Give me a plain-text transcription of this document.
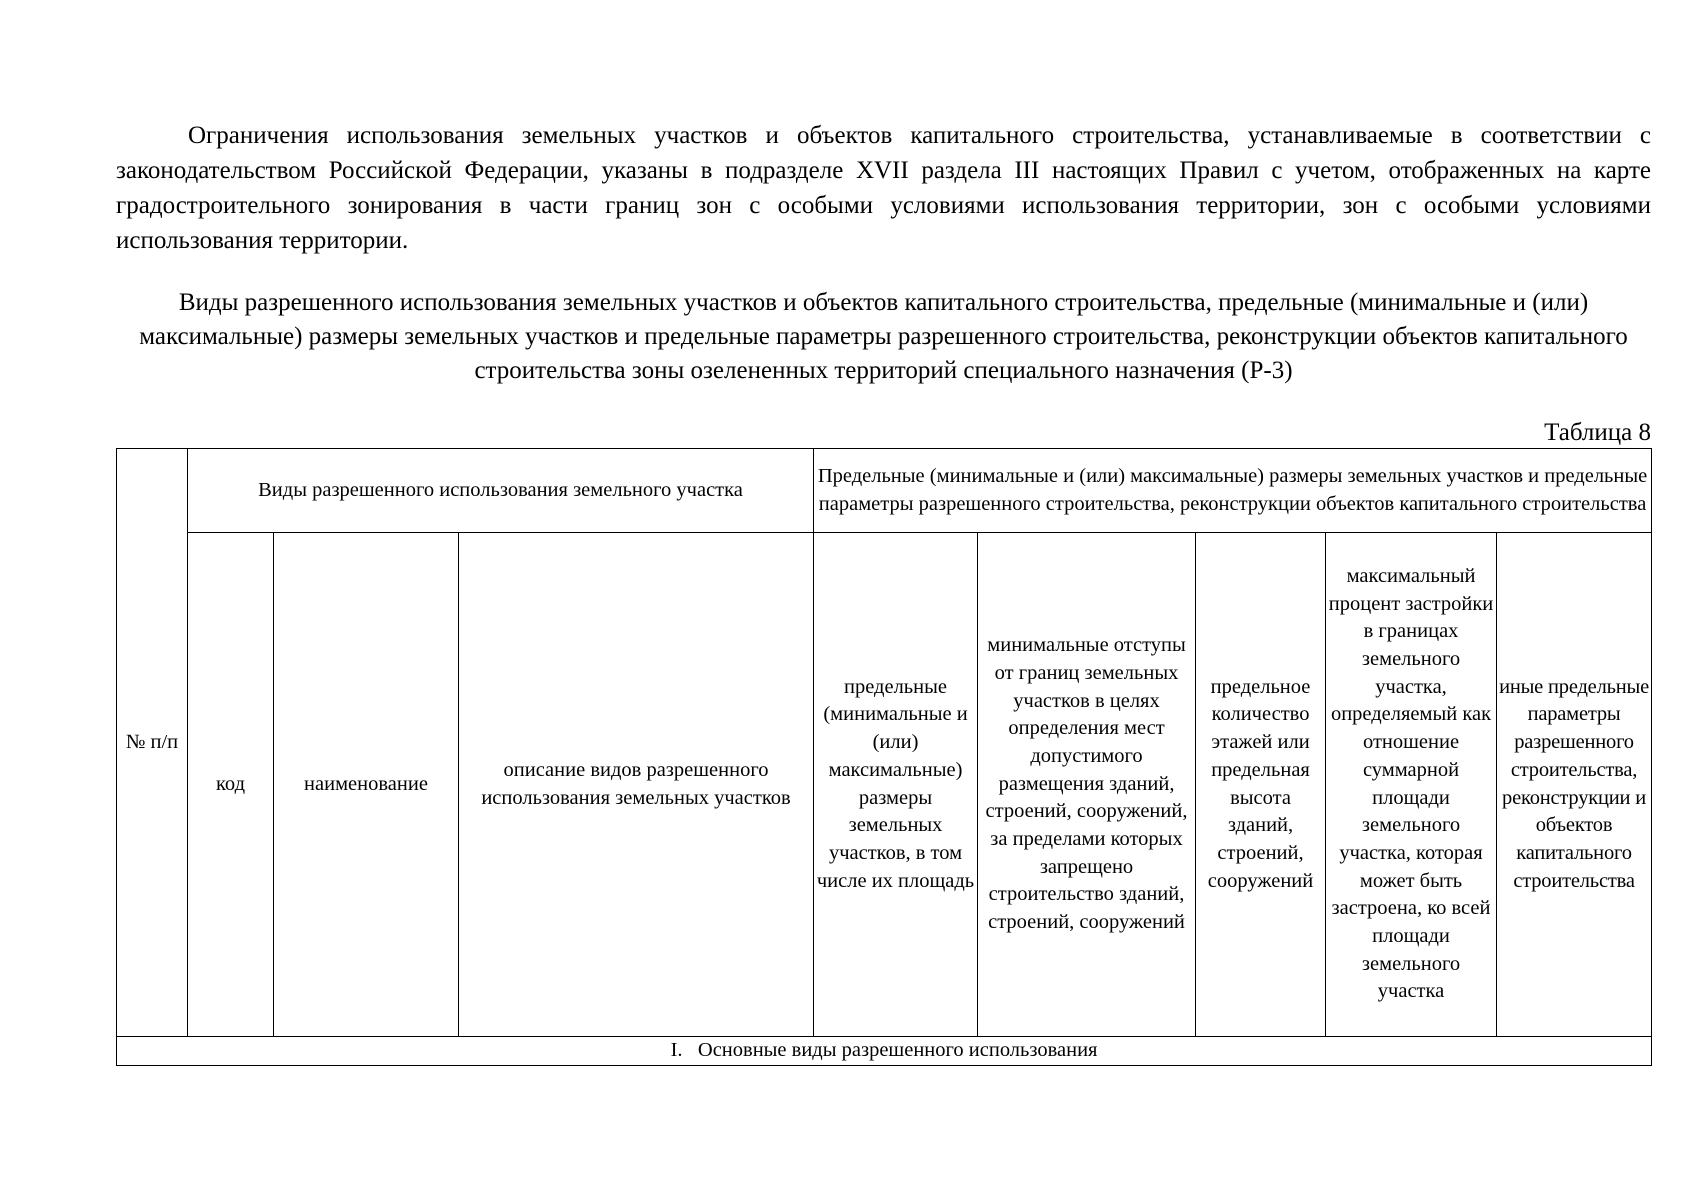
Ограничения использования земельных участков и объектов капитального строительства, устанавливаемые в соответствии с законодательством Российской Федерации, указаны в подразделе XVII раздела III настоящих Правил с учетом, отображенных на карте градостроительного зонирования в части границ зон с особыми условиями использования территории, зон с особыми условиями использования территории.

Виды разрешенного использования земельных участков и объектов капитального строительства, предельные (минимальные и (или) максимальные) размеры земельных участков и предельные параметры разрешенного строительства, реконструкции объектов капитального строительства зоны озелененных территорий специального назначения (Р-3)
Таблица 8
№ п/п	Виды разрешенного использования земельного участка			Предельные (минимальные и (или) максимальные) размеры земельных участков и предельные параметры разрешенного строительства, реконструкции объектов капитального строительства				
	код	наименование	описание видов разрешенного использования земельных участков	предельные (минимальные и (или) максимальные) размеры земельных участков, в том числе их площадь	минимальные отступы от границ земельных участков в целях определения мест допустимого размещения зданий, строений, сооружений, за пределами которых запрещено строительство зданий, строений, сооружений	предельное количество этажей или предельная высота зданий, строений, сооружений	максимальный процент застройки в границах земельного участка, определяемый как отношение суммарной площади земельного участка, которая может быть застроена, ко всей площади земельного участка	иные предельные параметры разрешенного строительства, реконструкции и объектов капитального строительства
I.   Основные виды разрешенного использования								
